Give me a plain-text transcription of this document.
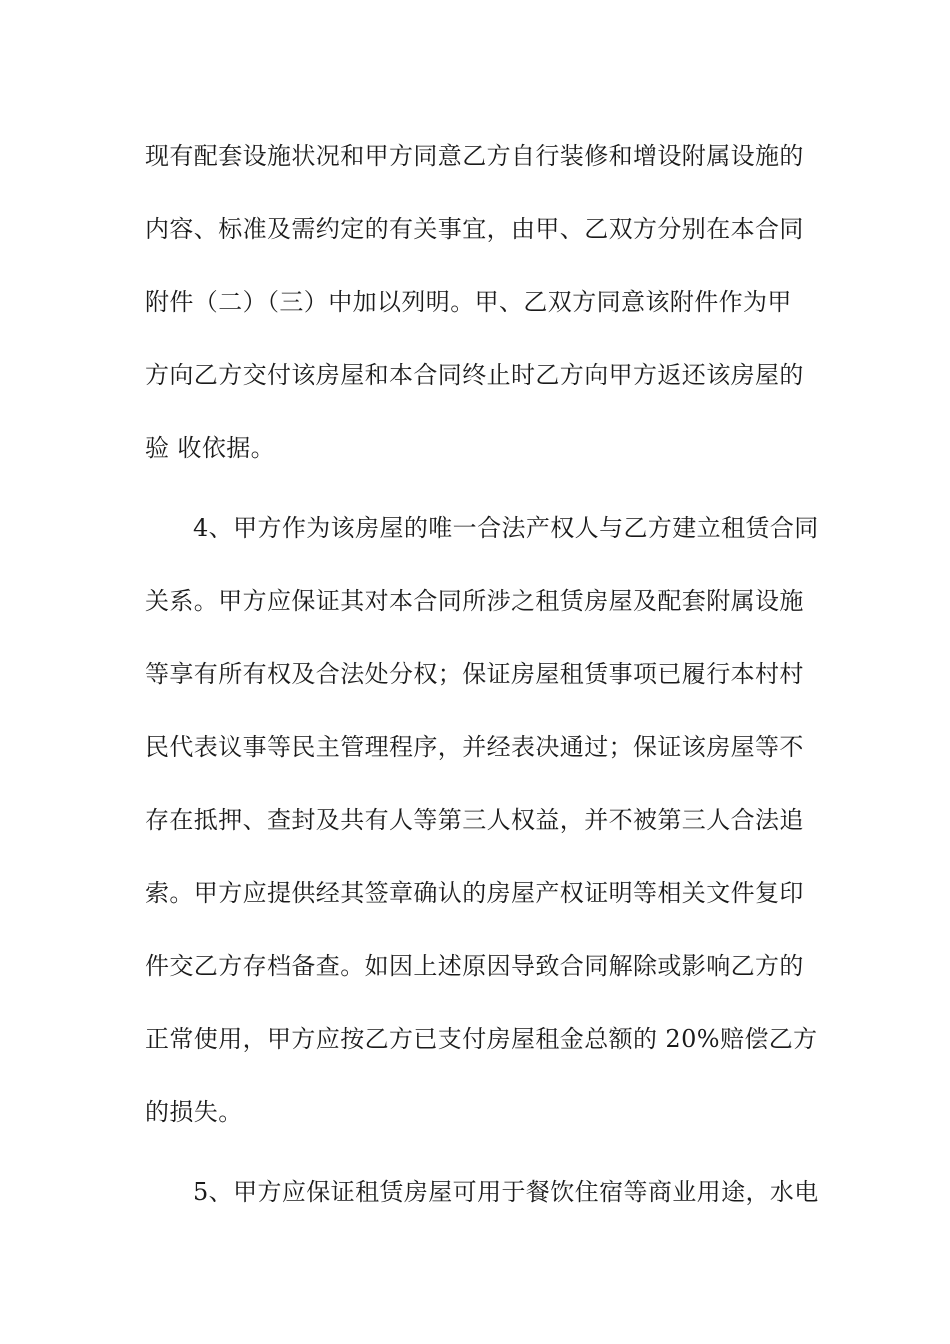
现有配套设施状况和甲方同意乙方自行装修和增设附属设施的
内容、标准及需约定的有关事宜，由甲、乙双方分别在本合同
附件（二）（三）中加以列明。甲、乙双方同意该附件作为甲
方向乙方交付该房屋和本合同终止时乙方向甲方返还该房屋的
验 收依据。
4、甲方作为该房屋的唯一合法产权人与乙方建立租赁合同
关系。甲方应保证其对本合同所涉之租赁房屋及配套附属设施
等享有所有权及合法处分权；保证房屋租赁事项已履行本村村
民代表议事等民主管理程序，并经表决通过；保证该房屋等不
存在抵押、查封及共有人等第三人权益，并不被第三人合法追
索。甲方应提供经其签章确认的房屋产权证明等相关文件复印
件交乙方存档备查。如因上述原因导致合同解除或影响乙方的
正常使用，甲方应按乙方已支付房屋租金总额的 20%赔偿乙方
的损失。
5、甲方应保证租赁房屋可用于餐饮住宿等商业用途，水电
